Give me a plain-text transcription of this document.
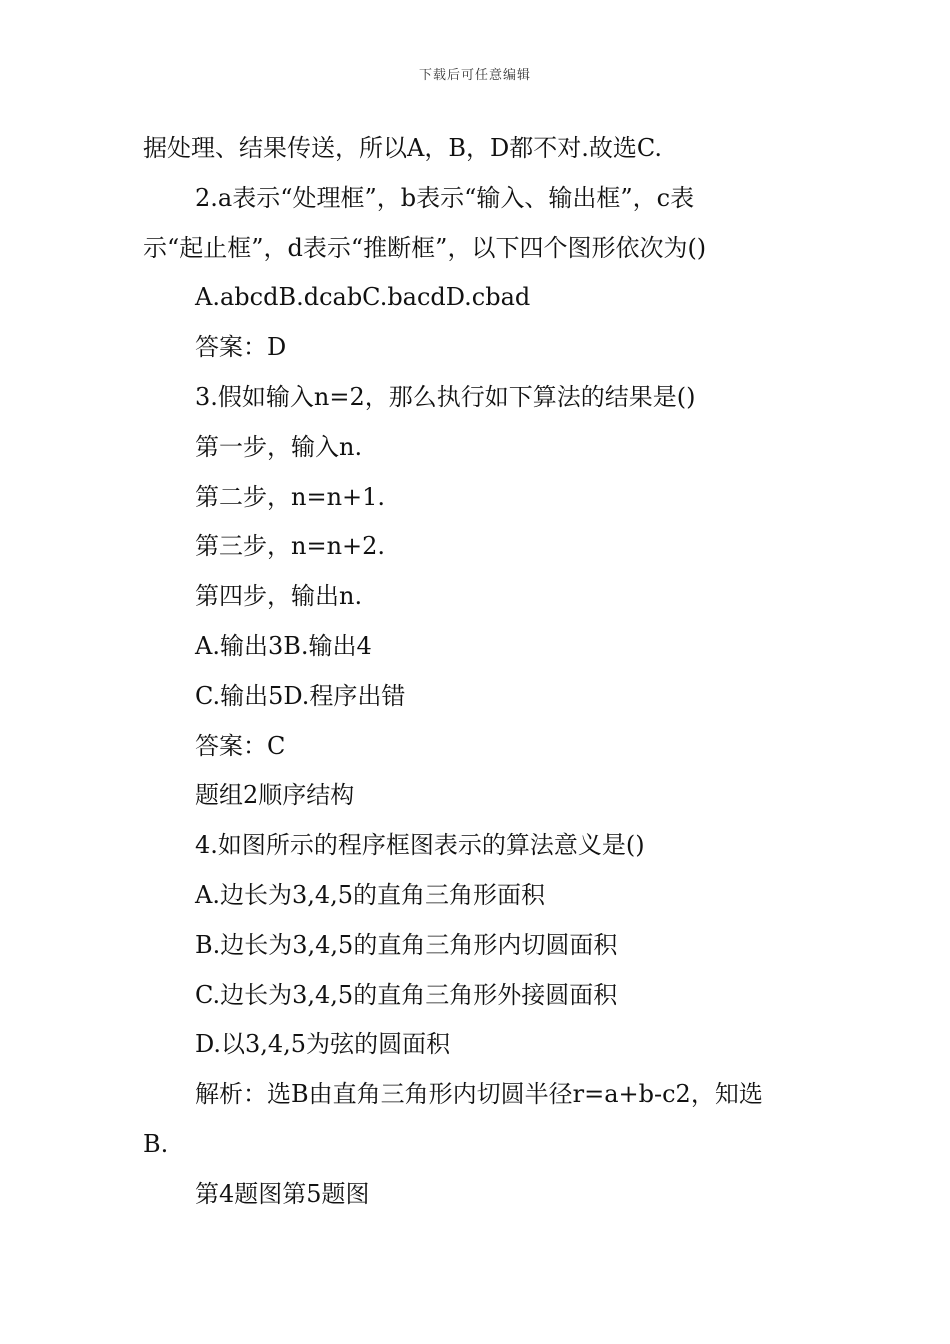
下载后可任意编辑
据处理、结果传送，所以A，B，D都不对.故选C.
2.a表示“处理框”，b表示“输入、输出框”，c表
示“起止框”，d表示“推断框”，以下四个图形依次为()
A.abcdB.dcabC.bacdD.cbad
答案：D
3.假如输入n=2，那么执行如下算法的结果是()
第一步，输入n.
第二步，n=n+1.
第三步，n=n+2.
第四步，输出n.
A.输出3B.输出4
C.输出5D.程序出错
答案：C
题组2顺序结构
4.如图所示的程序框图表示的算法意义是()
A.边长为3,4,5的直角三角形面积
B.边长为3,4,5的直角三角形内切圆面积
C.边长为3,4,5的直角三角形外接圆面积
D.以3,4,5为弦的圆面积
解析：选B由直角三角形内切圆半径r=a+b-c2，知选
B.
第4题图第5题图
